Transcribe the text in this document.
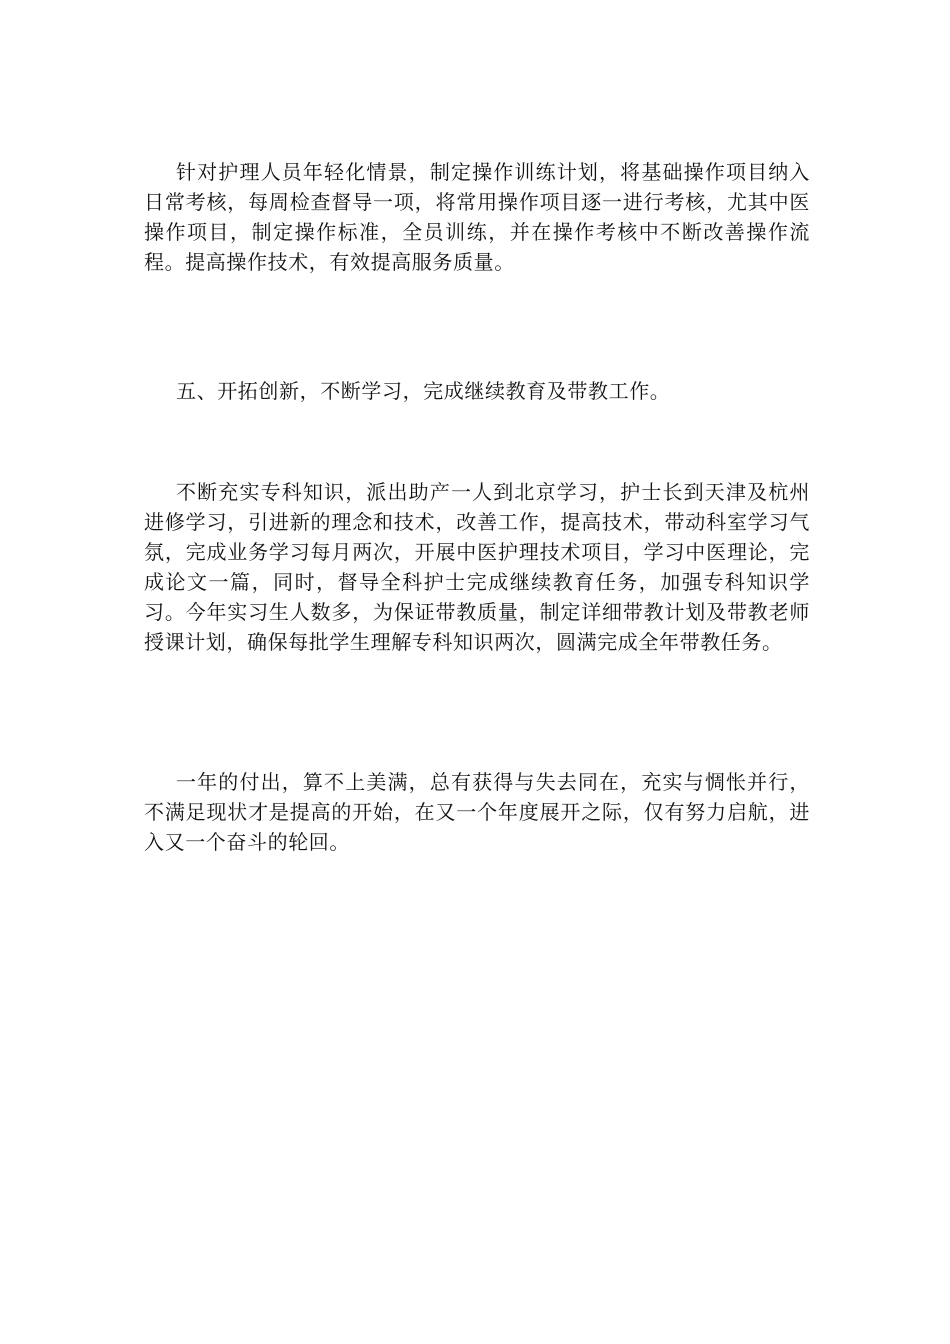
针对护理人员年轻化情景，制定操作训练计划，将基础操作项目纳入日常考核，每周检查督导一项，将常用操作项目逐一进行考核，尤其中医操作项目，制定操作标准，全员训练，并在操作考核中不断改善操作流程。提高操作技术，有效提高服务质量。

五、开拓创新，不断学习，完成继续教育及带教工作。

不断充实专科知识，派出助产一人到北京学习，护士长到天津及杭州进修学习，引进新的理念和技术，改善工作，提高技术，带动科室学习气氛，完成业务学习每月两次，开展中医护理技术项目，学习中医理论，完成论文一篇，同时，督导全科护士完成继续教育任务，加强专科知识学习。今年实习生人数多，为保证带教质量，制定详细带教计划及带教老师授课计划，确保每批学生理解专科知识两次，圆满完成全年带教任务。

一年的付出，算不上美满，总有获得与失去同在，充实与惆怅并行，不满足现状才是提高的开始，在又一个年度展开之际，仅有努力启航，进入又一个奋斗的轮回。
